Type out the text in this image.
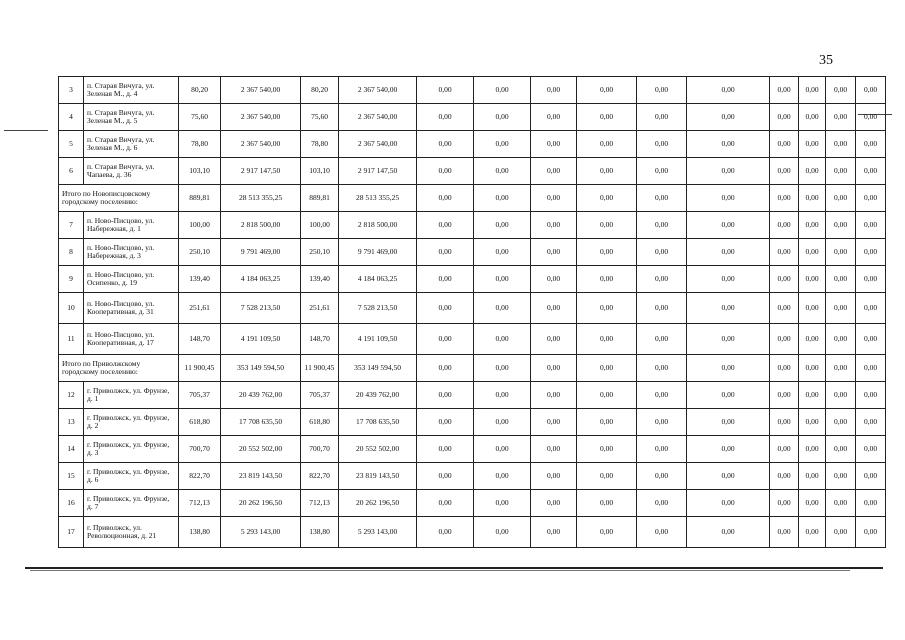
35
3	п. Старая Вичуга, ул. Зеленая М., д. 4	80,20	2 367 540,00	80,20	2 367 540,00	0,00	0,00	0,00	0,00	0,00	0,00	0,00	0,00	0,00	0,00
4	п. Старая Вичуга, ул. Зеленая М., д. 5	75,60	2 367 540,00	75,60	2 367 540,00	0,00	0,00	0,00	0,00	0,00	0,00	0,00	0,00	0,00	0,00
5	п. Старая Вичуга, ул. Зеленая М., д. 6	78,80	2 367 540,00	78,80	2 367 540,00	0,00	0,00	0,00	0,00	0,00	0,00	0,00	0,00	0,00	0,00
6	п. Старая Вичуга, ул. Чапаева, д. 36	103,10	2 917 147,50	103,10	2 917 147,50	0,00	0,00	0,00	0,00	0,00	0,00	0,00	0,00	0,00	0,00
Итого по Новописцовскому городскому поселению:		889,81	28 513 355,25	889,81	28 513 355,25	0,00	0,00	0,00	0,00	0,00	0,00	0,00	0,00	0,00	0,00
7	п. Ново-Писцово, ул. Набережная, д. 1	100,00	2 818 500,00	100,00	2 818 500,00	0,00	0,00	0,00	0,00	0,00	0,00	0,00	0,00	0,00	0,00
8	п. Ново-Писцово, ул. Набережная, д. 3	250,10	9 791 469,00	250,10	9 791 469,00	0,00	0,00	0,00	0,00	0,00	0,00	0,00	0,00	0,00	0,00
9	п. Ново-Писцово, ул. Осипенко, д. 19	139,40	4 184 063,25	139,40	4 184 063,25	0,00	0,00	0,00	0,00	0,00	0,00	0,00	0,00	0,00	0,00
10	п. Ново-Писцово, ул. Кооперативная, д. 31	251,61	7 528 213,50	251,61	7 528 213,50	0,00	0,00	0,00	0,00	0,00	0,00	0,00	0,00	0,00	0,00
11	п. Ново-Писцово, ул. Кооперативная, д. 17	148,70	4 191 109,50	148,70	4 191 109,50	0,00	0,00	0,00	0,00	0,00	0,00	0,00	0,00	0,00	0,00
Итого по Приволжскому городскому поселению:		11 900,45	353 149 594,50	11 900,45	353 149 594,50	0,00	0,00	0,00	0,00	0,00	0,00	0,00	0,00	0,00	0,00
12	г. Приволжск, ул. Фрунзе, д. 1	705,37	20 439 762,00	705,37	20 439 762,00	0,00	0,00	0,00	0,00	0,00	0,00	0,00	0,00	0,00	0,00
13	г. Приволжск, ул. Фрунзе, д. 2	618,80	17 708 635,50	618,80	17 708 635,50	0,00	0,00	0,00	0,00	0,00	0,00	0,00	0,00	0,00	0,00
14	г. Приволжск, ул. Фрунзе, д. 3	700,70	20 552 502,00	700,70	20 552 502,00	0,00	0,00	0,00	0,00	0,00	0,00	0,00	0,00	0,00	0,00
15	г. Приволжск, ул. Фрунзе, д. 6	822,70	23 819 143,50	822,70	23 819 143,50	0,00	0,00	0,00	0,00	0,00	0,00	0,00	0,00	0,00	0,00
16	г. Приволжск, ул. Фрунзе, д. 7	712,13	20 262 196,50	712,13	20 262 196,50	0,00	0,00	0,00	0,00	0,00	0,00	0,00	0,00	0,00	0,00
17	г. Приволжск, ул. Революционная, д. 21	138,80	5 293 143,00	138,80	5 293 143,00	0,00	0,00	0,00	0,00	0,00	0,00	0,00	0,00	0,00	0,00
